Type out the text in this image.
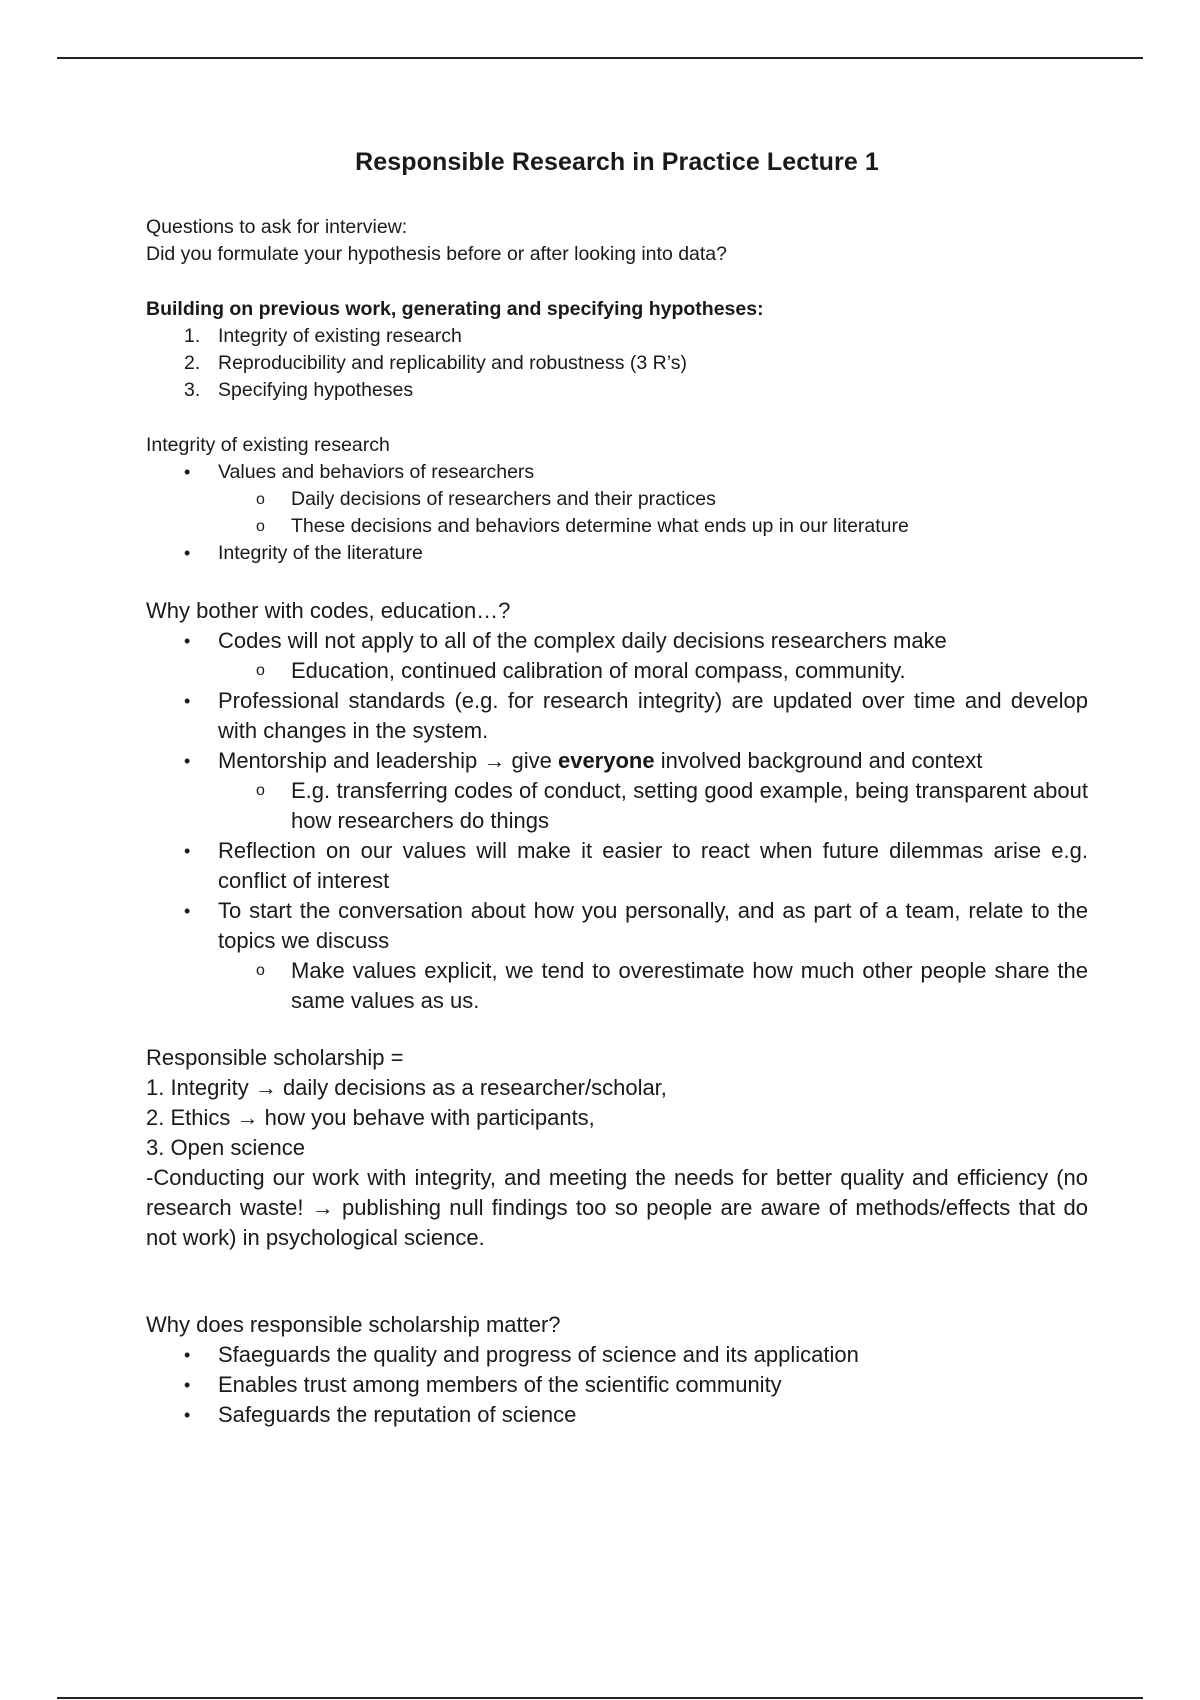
Responsible Research in Practice Lecture 1

Questions to ask for interview:

Did you formulate your hypothesis before or after looking into data?

Building on previous work, generating and specifying hypotheses:

1. Integrity of existing research
2. Reproducibility and replicability and robustness (3 R’s)
3. Specifying hypotheses

Integrity of existing research

• Values and behaviors of researchers
o Daily decisions of researchers and their practices
o These decisions and behaviors determine what ends up in our literature
• Integrity of the literature

Why bother with codes, education…?

• Codes will not apply to all of the complex daily decisions researchers make
o Education, continued calibration of moral compass, community.
• Professional standards (e.g. for research integrity) are updated over time and develop with changes in the system.
• Mentorship and leadership → give everyone involved background and context
o E.g. transferring codes of conduct, setting good example, being transparent about how researchers do things
• Reflection on our values will make it easier to react when future dilemmas arise e.g. conflict of interest
• To start the conversation about how you personally, and as part of a team, relate to the topics we discuss
o Make values explicit, we tend to overestimate how much other people share the same values as us.

Responsible scholarship =

1. Integrity → daily decisions as a researcher/scholar,

2. Ethics → how you behave with participants,

3. Open science

-Conducting our work with integrity, and meeting the needs for better quality and efficiency (no research waste! → publishing null findings too so people are aware of methods/effects that do not work) in psychological science.

Why does responsible scholarship matter?

• Sfaeguards the quality and progress of science and its application
• Enables trust among members of the scientific community
• Safeguards the reputation of science
